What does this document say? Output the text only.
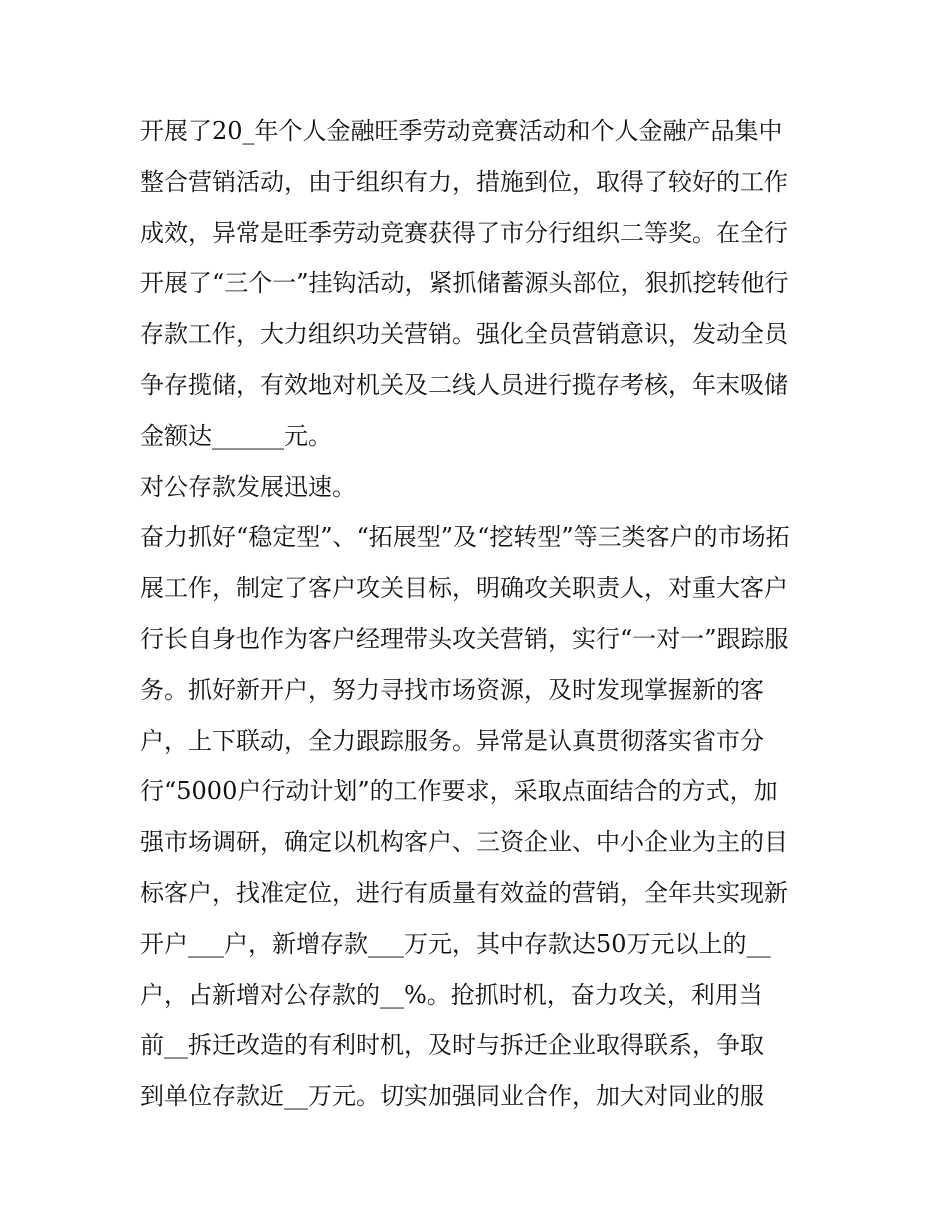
开展了20_年个人金融旺季劳动竞赛活动和个人金融产品集中
整合营销活动，由于组织有力，措施到位，取得了较好的工作
成效，异常是旺季劳动竞赛获得了市分行组织二等奖。在全行
开展了“三个一”挂钩活动，紧抓储蓄源头部位，狠抓挖转他行
存款工作，大力组织功关营销。强化全员营销意识，发动全员
争存揽储，有效地对机关及二线人员进行揽存考核，年末吸储
金额达______元。
对公存款发展迅速。
奋力抓好“稳定型”、“拓展型”及“挖转型”等三类客户的市场拓
展工作，制定了客户攻关目标，明确攻关职责人，对重大客户
行长自身也作为客户经理带头攻关营销，实行“一对一”跟踪服
务。抓好新开户，努力寻找市场资源，及时发现掌握新的客
户，上下联动，全力跟踪服务。异常是认真贯彻落实省市分
行“5000户行动计划”的工作要求，采取点面结合的方式，加
强市场调研，确定以机构客户、三资企业、中小企业为主的目
标客户，找准定位，进行有质量有效益的营销，全年共实现新
开户___户，新增存款___万元，其中存款达50万元以上的__
户，占新增对公存款的__%。抢抓时机，奋力攻关，利用当
前__拆迁改造的有利时机，及时与拆迁企业取得联系，争取
到单位存款近__万元。切实加强同业合作，加大对同业的服
